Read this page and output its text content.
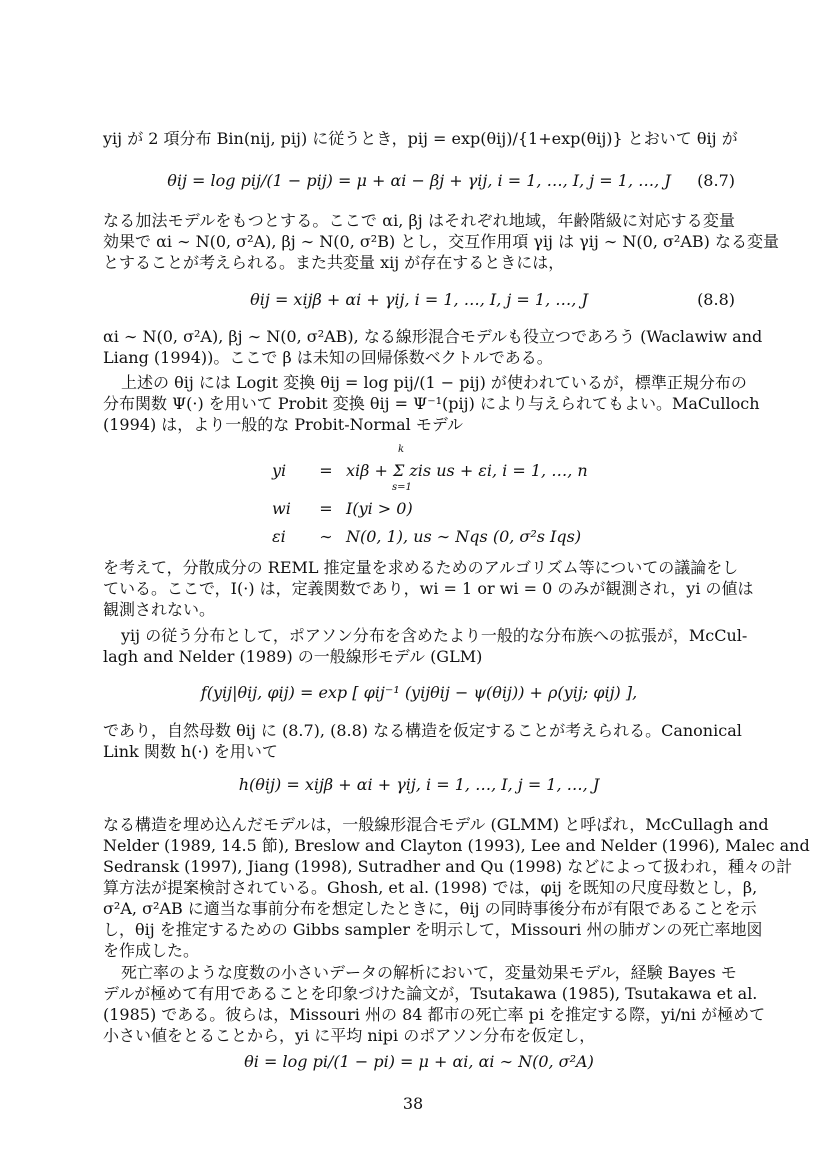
yij が 2 項分布 Bin(nij, pij) に従うとき，pij = exp(θij)/{1+exp(θij)} とおいて θij が
θij = log pij/(1 − pij) = μ + αi − βj + γij, i = 1, …, I, j = 1, …, J	(8.7)
なる加法モデルをもつとする。ここで αi, βj はそれぞれ地域，年齢階級に対応する変量
効果で αi ∼ N(0, σ²A), βj ∼ N(0, σ²B) とし，交互作用項 γij は γij ∼ N(0, σ²AB) なる変量
とすることが考えられる。また共変量 xij が存在するときには，
θij = xijβ + αi + γij, i = 1, …, I, j = 1, …, J	(8.8)
αi ∼ N(0, σ²A), βj ∼ N(0, σ²AB), なる線形混合モデルも役立つであろう (Waclawiw and
Liang (1994))。ここで β は未知の回帰係数ベクトルである。
上述の θij には Logit 変換 θij = log pij/(1 − pij) が使われているが，標準正規分布の
分布関数 Ψ(·) を用いて Probit 変換 θij = Ψ⁻¹(pij) により与えられてもよい。MaCulloch
(1994) は，より一般的な Probit-Normal モデル
k
yi	= xiβ + Σ zis us + εi, i = 1, …, n
s=1
wi	= I(yi > 0)
εi	∼ N(0, 1), us ∼ Nqs (0, σ²s Iqs)
を考えて，分散成分の REML 推定量を求めるためのアルゴリズム等についての議論をし
ている。ここで，I(·) は，定義関数であり，wi = 1 or wi = 0 のみが観測され，yi の値は
観測されない。
yij の従う分布として，ポアソン分布を含めたより一般的な分布族への拡張が，McCul-
lagh and Nelder (1989) の一般線形モデル (GLM)
f(yij|θij, φij) = exp [ φij⁻¹ (yijθij − ψ(θij)) + ρ(yij; φij) ],
であり，自然母数 θij に (8.7), (8.8) なる構造を仮定することが考えられる。Canonical
Link 関数 h(·) を用いて
h(θij) = xijβ + αi + γij, i = 1, …, I, j = 1, …, J
なる構造を埋め込んだモデルは，一般線形混合モデル (GLMM) と呼ばれ，McCullagh and
Nelder (1989, 14.5 節), Breslow and Clayton (1993), Lee and Nelder (1996), Malec and
Sedransk (1997), Jiang (1998), Sutradher and Qu (1998) などによって扱われ，種々の計
算方法が提案検討されている。Ghosh, et al. (1998) では，φij を既知の尺度母数とし，β,
σ²A, σ²AB に適当な事前分布を想定したときに，θij の同時事後分布が有限であることを示
し，θij を推定するための Gibbs sampler を明示して，Missouri 州の肺ガンの死亡率地図
を作成した。
死亡率のような度数の小さいデータの解析において，変量効果モデル，経験 Bayes モ
デルが極めて有用であることを印象づけた論文が，Tsutakawa (1985), Tsutakawa et al.
(1985) である。彼らは，Missouri 州の 84 都市の死亡率 pi を推定する際，yi/ni が極めて
小さい値をとることから，yi に平均 nipi のポアソン分布を仮定し，
θi = log pi/(1 − pi) = μ + αi, αi ∼ N(0, σ²A)
38
